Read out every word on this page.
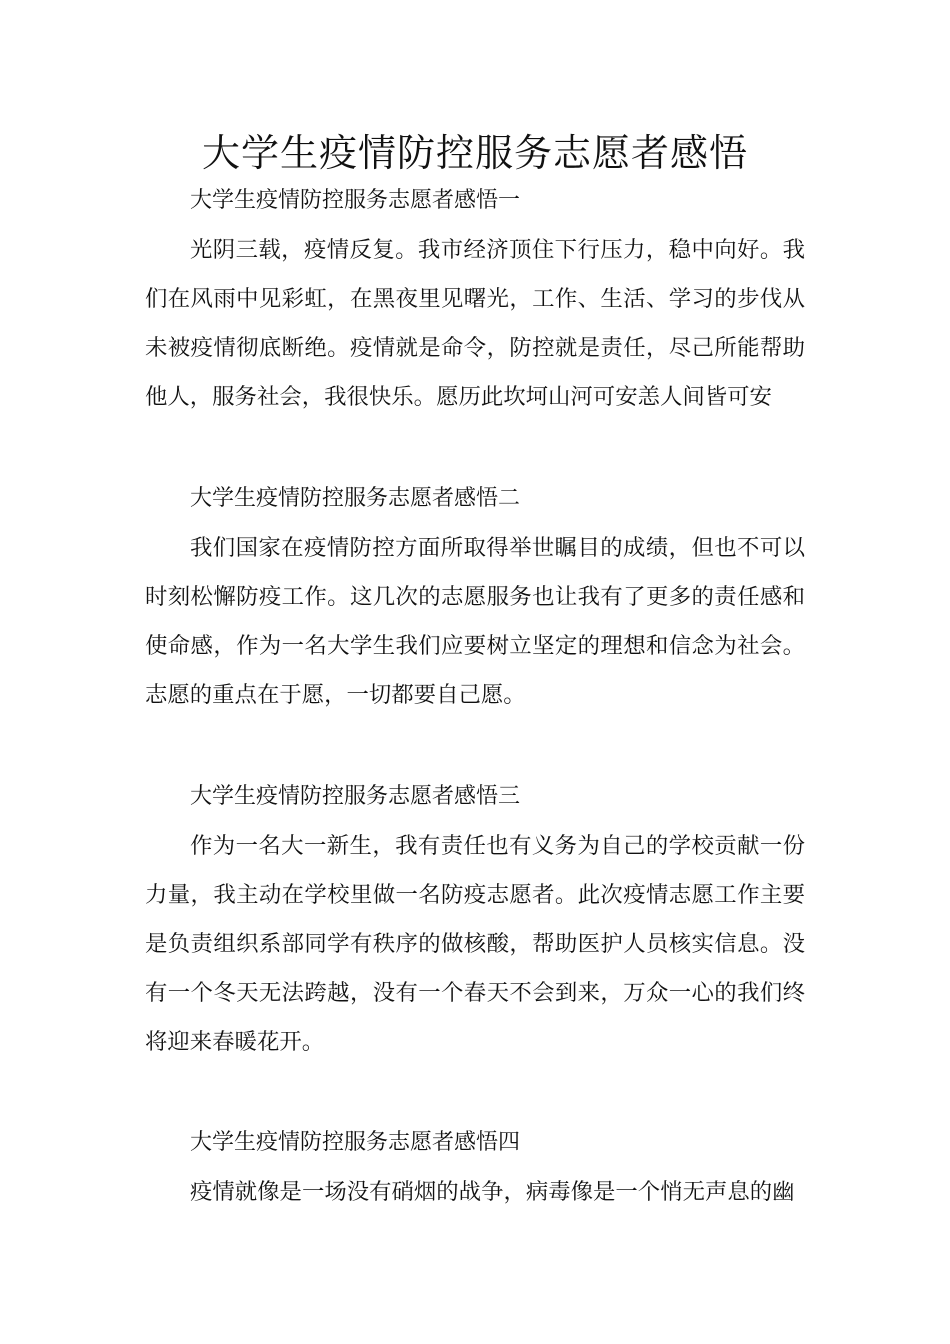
大学生疫情防控服务志愿者感悟

大学生疫情防控服务志愿者感悟一

光阴三载，疫情反复。我市经济顶住下行压力，稳中向好。我们在风雨中见彩虹，在黑夜里见曙光，工作、生活、学习的步伐从未被疫情彻底断绝。疫情就是命令，防控就是责任，尽己所能帮助他人，服务社会，我很快乐。愿历此坎坷山河可安恙人间皆可安

大学生疫情防控服务志愿者感悟二

我们国家在疫情防控方面所取得举世瞩目的成绩，但也不可以时刻松懈防疫工作。这几次的志愿服务也让我有了更多的责任感和使命感，作为一名大学生我们应要树立坚定的理想和信念为社会。志愿的重点在于愿，一切都要自己愿。

大学生疫情防控服务志愿者感悟三

作为一名大一新生，我有责任也有义务为自己的学校贡献一份力量，我主动在学校里做一名防疫志愿者。此次疫情志愿工作主要是负责组织系部同学有秩序的做核酸，帮助医护人员核实信息。没有一个冬天无法跨越，没有一个春天不会到来，万众一心的我们终将迎来春暖花开。

大学生疫情防控服务志愿者感悟四

疫情就像是一场没有硝烟的战争，病毒像是一个悄无声息的幽
